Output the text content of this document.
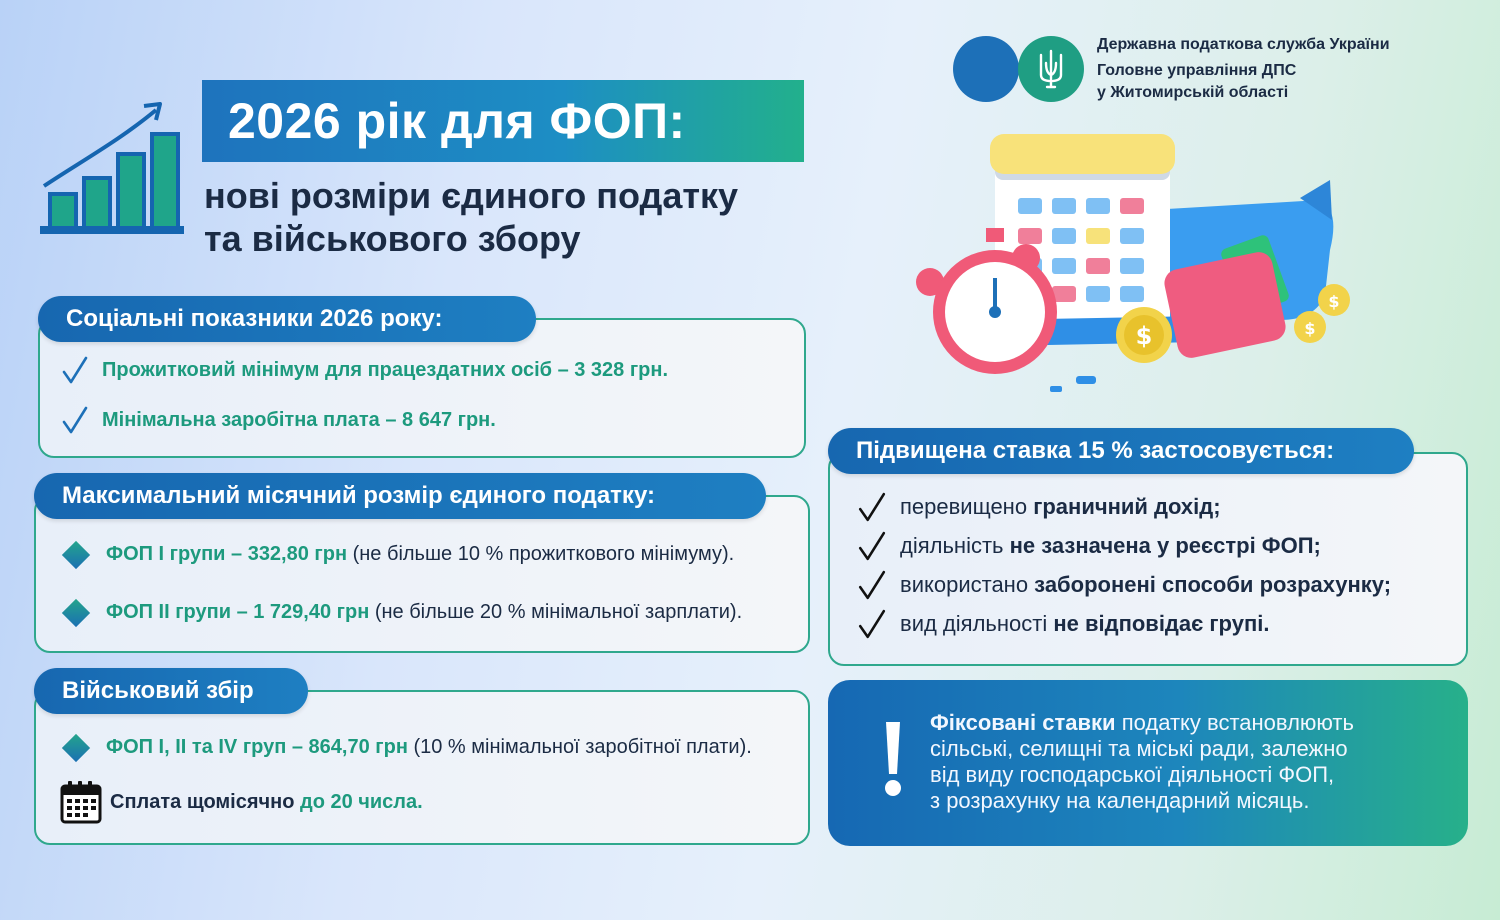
2026 рік для ФОП:
нові розміри єдиного податку
та військового збору
Державна податкова служба України
Головне управління ДПС
у Житомирській області
$
$
$
Соціальні показники 2026 року:
Прожитковий мінімум для працездатних осіб – 3 328 грн.
Мінімальна заробітна плата – 8 647 грн.
Максимальний місячний розмір єдиного податку:
ФОП I групи – 332,80 грн (не більше 10 % прожиткового мінімуму).
ФОП II групи – 1 729,40 грн (не більше 20 % мінімальної зарплати).
Військовий збір
ФОП I, II та IV груп – 864,70 грн (10 % мінімальної заробітної плати).
Сплата щомісячно до 20 числа.
Підвищена ставка 15 % застосовується:
перевищено граничний дохід;
діяльність не зазначена у реєстрі ФОП;
використано заборонені способи розрахунку;
вид діяльності не відповідає групі.
Фіксовані ставки податку встановлюють
сільські, селищні та міські ради, залежно
від виду господарської діяльності ФОП,
з розрахунку на календарний місяць.
